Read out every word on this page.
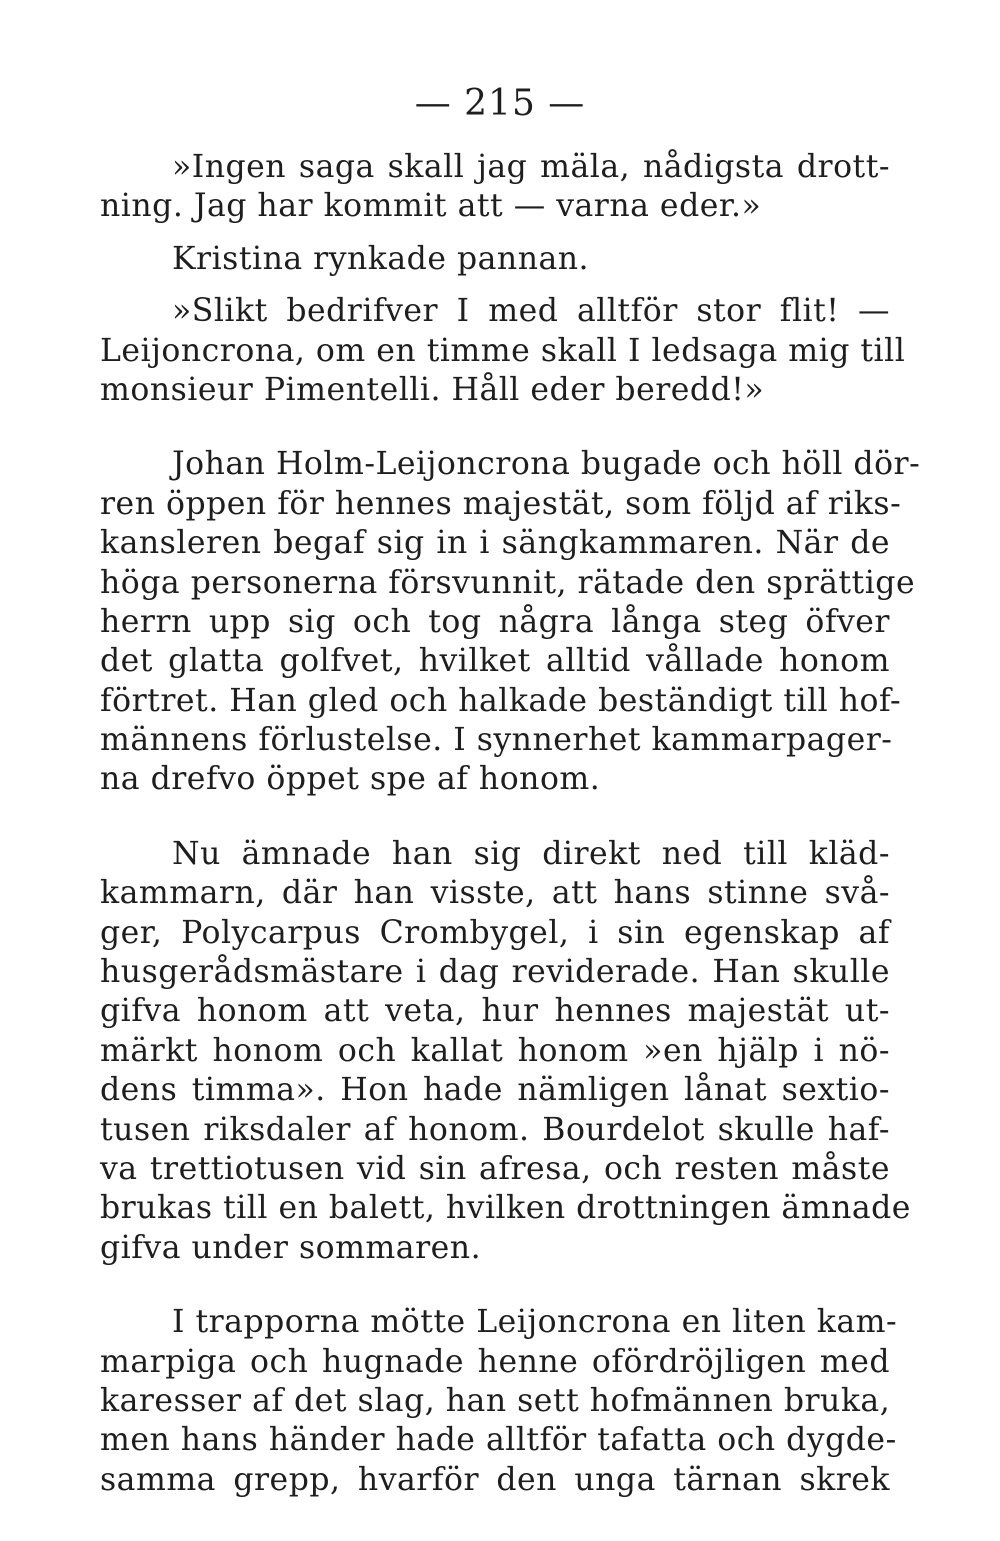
— 215 —
»Ingen saga skall jag mäla, nådigsta drott-
ning. Jag har kommit att — varna eder.»
Kristina rynkade pannan.
»Slikt bedrifver I med alltför stor flit! —
Leijoncrona, om en timme skall I ledsaga mig till
monsieur Pimentelli. Håll eder beredd!»
Johan Holm-Leijoncrona bugade och höll dör-
ren öppen för hennes majestät, som följd af riks-
kansleren begaf sig in i sängkammaren. När de
höga personerna försvunnit, rätade den sprättige
herrn upp sig och tog några långa steg öfver
det glatta golfvet, hvilket alltid vållade honom
förtret. Han gled och halkade beständigt till hof-
männens förlustelse. I synnerhet kammarpager-
na drefvo öppet spe af honom.
Nu ämnade han sig direkt ned till kläd-
kammarn, där han visste, att hans stinne svå-
ger, Polycarpus Crombygel, i sin egenskap af
husgerådsmästare i dag reviderade. Han skulle
gifva honom att veta, hur hennes majestät ut-
märkt honom och kallat honom »en hjälp i nö-
dens timma». Hon hade nämligen lånat sextio-
tusen riksdaler af honom. Bourdelot skulle haf-
va trettiotusen vid sin afresa, och resten måste
brukas till en balett, hvilken drottningen ämnade
gifva under sommaren.
I trapporna mötte Leijoncrona en liten kam-
marpiga och hugnade henne ofördröjligen med
karesser af det slag, han sett hofmännen bruka,
men hans händer hade alltför tafatta och dygde-
samma grepp, hvarför den unga tärnan skrek
